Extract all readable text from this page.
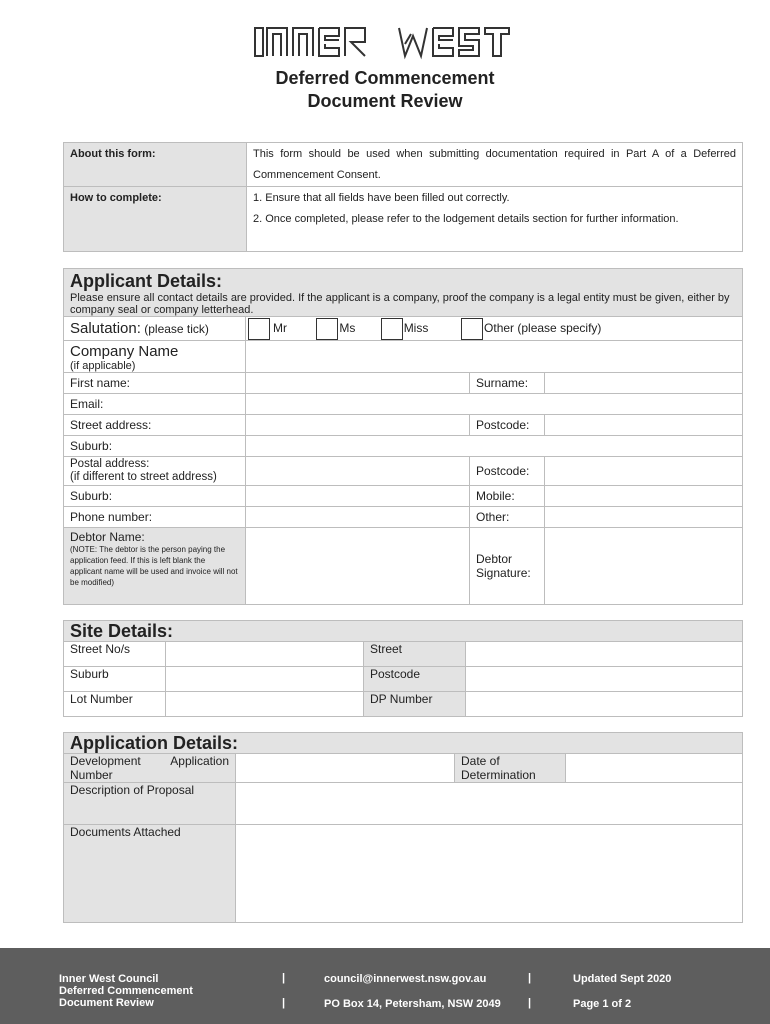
Deferred Commencement
Document Review
About this form:	This form should be used when submitting documentation required in Part A of a Deferred Commencement Consent.
How to complete:	1. Ensure that all fields have been filled out correctly.
2. Once completed, please refer to the lodgement details section for further information.
Applicant Details:
Please ensure all contact details are provided. If the applicant is a company, proof the company is a legal entity must be given, either by company seal or company letterhead.			

Salutation: (please tick)	Mr Ms Miss Other (please specify)		

Company Name
(if applicable)			

First name:		Surname:	
Email:			
Street address:		Postcode:	
Suburb:			

Postal address:
(if different to street address)		Postcode:	
Suburb:		Mobile:	
Phone number:		Other:	

Debtor Name:
(NOTE: The debtor is the person paying the application feed. If this is left blank the applicant name will be used and invoice will not be modified)		Debtor Signature:	
Site Details:			
Street No/s		Street	
Suburb		Postcode	
Lot Number		DP Number	
Application Details:			
Development Application Number		Date of Determination	
Description of Proposal			
Documents Attached			
Inner West Council
Deferred Commencement
Document Review
|
|
council@innerwest.nsw.gov.au
PO Box 14, Petersham, NSW 2049
|
|
Updated Sept 2020
Page 1 of 2
